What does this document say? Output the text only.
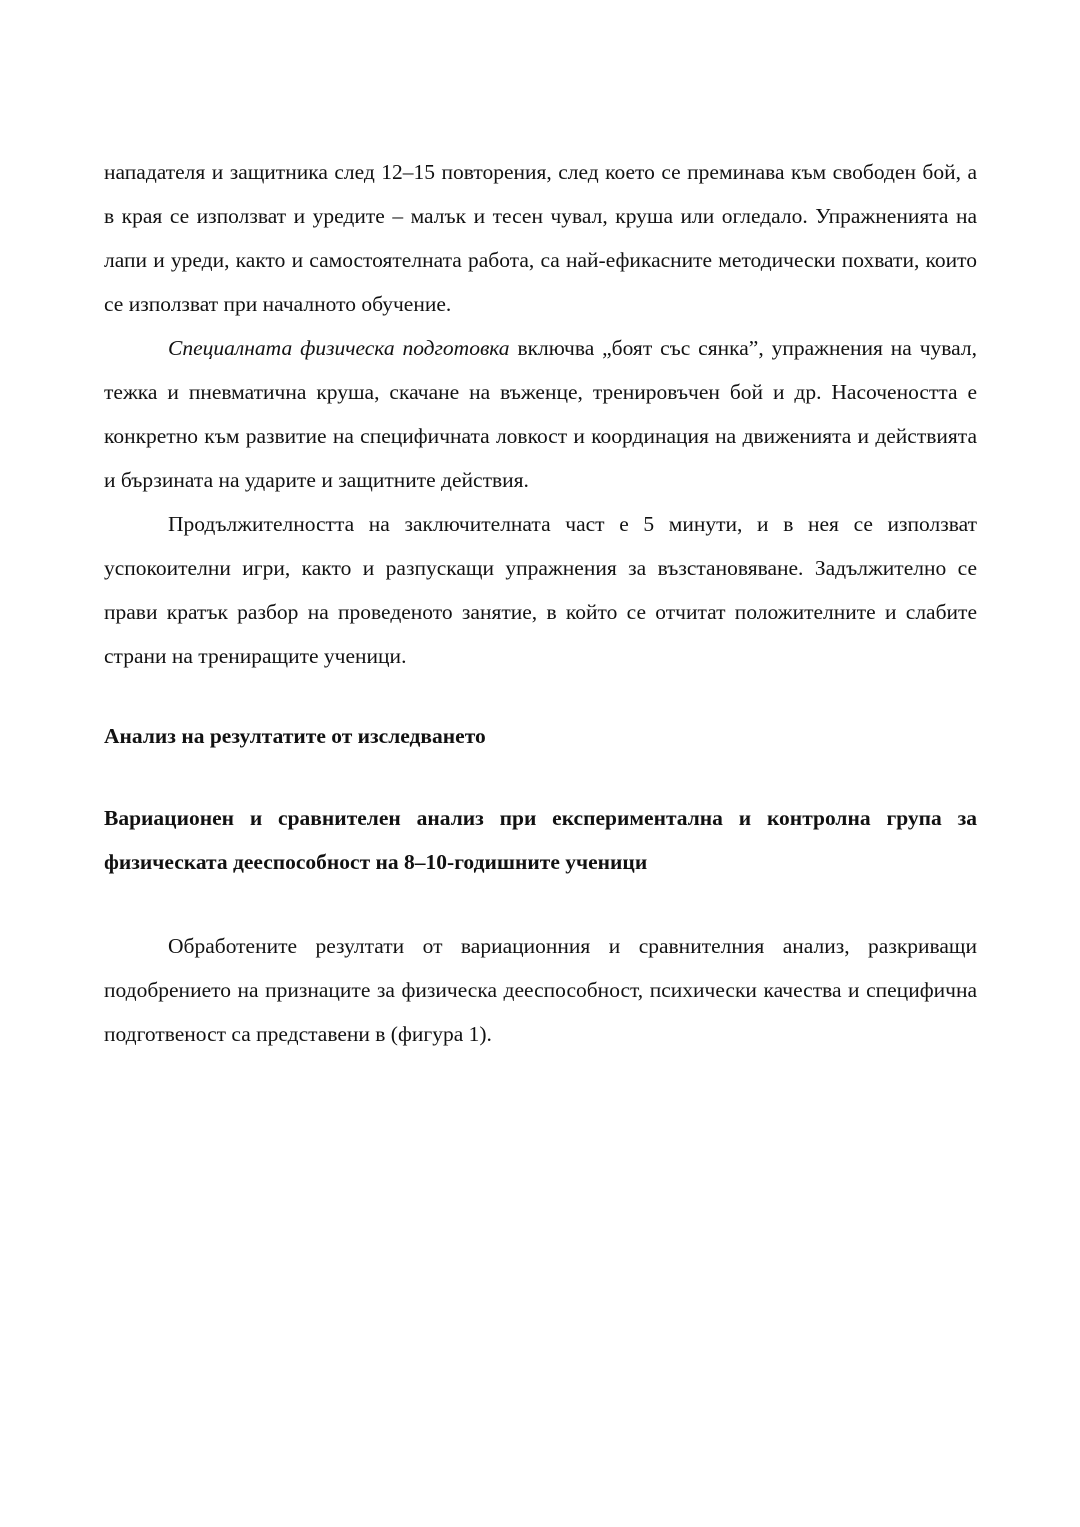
нападателя и защитника след 12–15 повторения, след което се преминава към свободен бой, а в края се използват и уредите – малък и тесен чувал, круша или огледало. Упражненията на лапи и уреди, както и самостоятелната работа, са най-ефикасните методически похвати, които се използват при началното обучение.

Специалната физическа подготовка включва „боят със сянка”, упражнения на чувал, тежка и пневматична круша, скачане на въженце, тренировъчен бой и др. Насочеността е конкретно към развитие на специфичната ловкост и координация на движенията и действията и бързината на ударите и защитните действия.

Продължителността на заключителната част е 5 минути, и в нея се използват успокоителни игри, както и разпускащи упражнения за възстановяване. Задължително се прави кратък разбор на проведеното занятие, в който се отчитат положителните и слабите страни на трениращите ученици.

Анализ на резултатите от изследването
Вариационен и сравнителен анализ при експериментална и контролна група за физическата дееспособност на 8–10-годишните ученици

Обработените резултати от вариационния и сравнителния анализ, разкриващи подобрението на признаците за физическа дееспособност, психически качества и специфична подготвеност са представени в (фигура 1).
